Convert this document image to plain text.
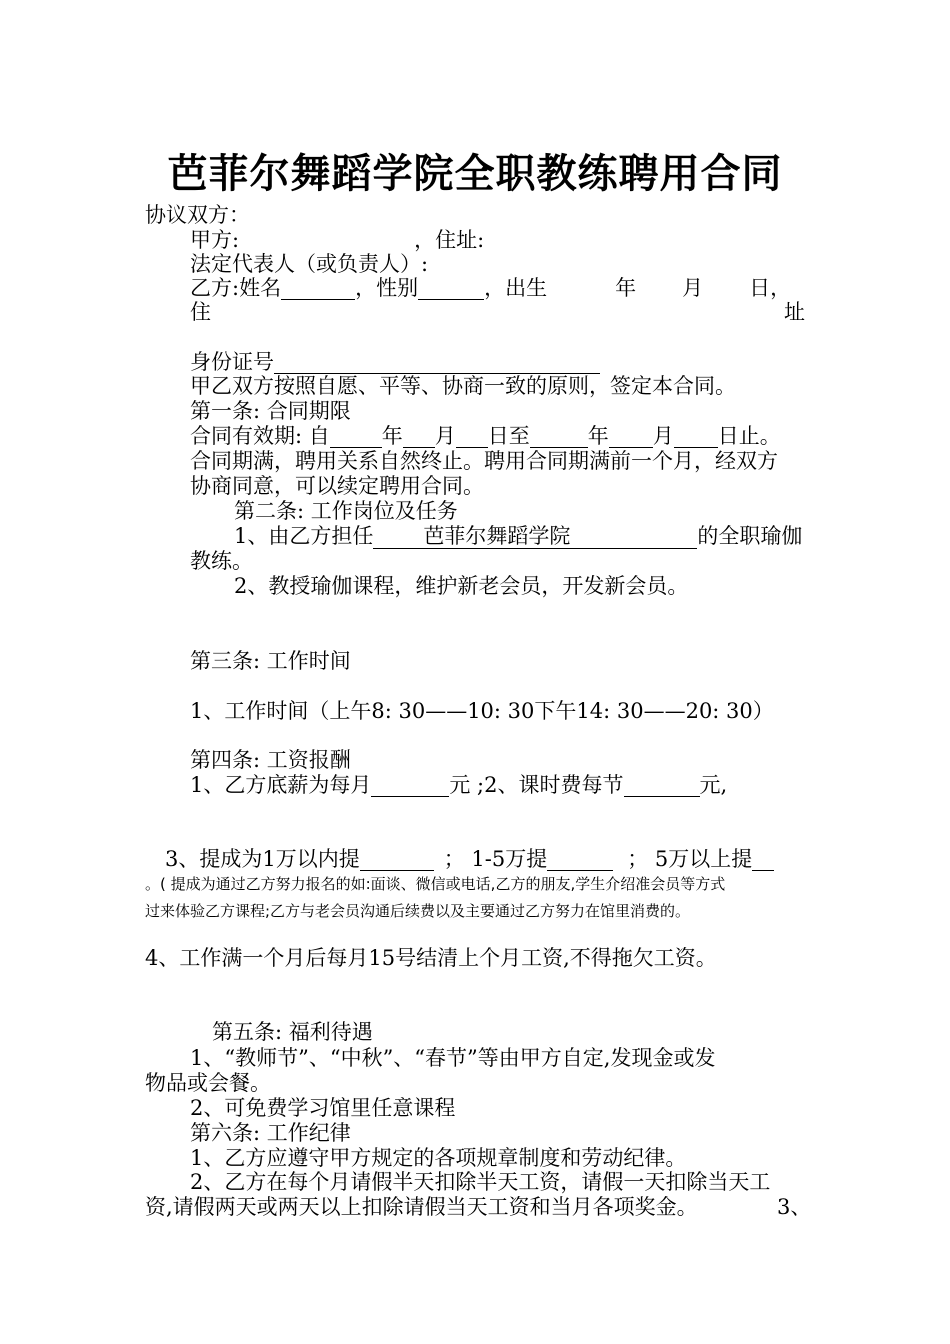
芭菲尔舞蹈学院全职教练聘用合同
协议双方：
甲方:	，住址:
法定代表人（或负责人）:
乙方:姓名	，性别	，出生	年 月 日，
住	址
身份证号
甲乙双方按照自愿、平等、协商一致的原则，签定本合同。
第一条: 合同期限
合同有效期: 自 年 月 日至	年 月 日止。
合同期满，聘用关系自然终止。聘用合同期满前一个月，经双方
协商同意，可以续定聘用合同。
第二条: 工作岗位及任务
1、由乙方担任 芭菲尔舞蹈学院	的全职瑜伽
教练。
2、教授瑜伽课程，维护新老会员，开发新会员。
第三条: 工作时间
1、工作时间（上午8: 30——10: 30下午14: 30——20: 30）
第四条: 工资报酬
1、乙方底薪为每月	元 ;2、课时费每节	元,
3、提成为1万以内提	； 1-5万提	； 5万以上提
。( 提成为通过乙方努力报名的如:面谈、微信或电话,乙方的朋友,学生介绍准会员等方式
过来体验乙方课程;乙方与老会员沟通后续费以及主要通过乙方努力在馆里消费的。
4、工作满一个月后每月15号结清上个月工资,不得拖欠工资。
第五条: 福利待遇
1、“教师节”、“中秋”、“春节”等由甲方自定,发现金或发
物品或会餐。
2、可免费学习馆里任意课程
第六条: 工作纪律
1、乙方应遵守甲方规定的各项规章制度和劳动纪律。
2、乙方在每个月请假半天扣除半天工资，请假一天扣除当天工
资,请假两天或两天以上扣除请假当天工资和当月各项奖金。	3、
